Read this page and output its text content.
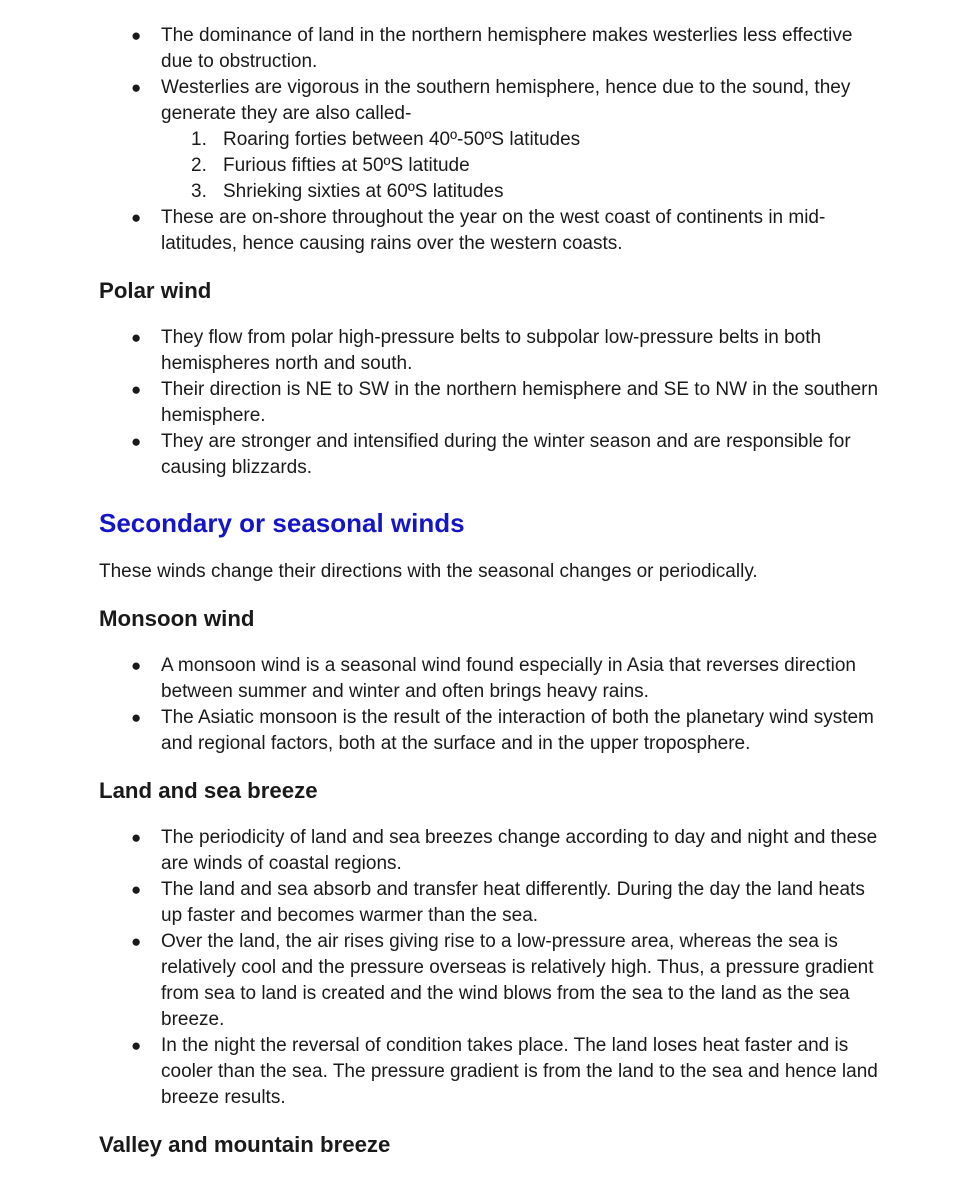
● The dominance of land in the northern hemisphere makes westerlies less effective due to obstruction.
● Westerlies are vigorous in the southern hemisphere, hence due to the sound, they generate they are also called-
1. Roaring forties between 40º-50ºS latitudes
2. Furious fifties at 50ºS latitude
3. Shrieking sixties at 60ºS latitudes
● These are on-shore throughout the year on the west coast of continents in mid-latitudes, hence causing rains over the western coasts.
Polar wind
● They flow from polar high-pressure belts to subpolar low-pressure belts in both hemispheres north and south.
● Their direction is NE to SW in the northern hemisphere and SE to NW in the southern hemisphere.
● They are stronger and intensified during the winter season and are responsible for causing blizzards.
Secondary or seasonal winds

These winds change their directions with the seasonal changes or periodically.

Monsoon wind
● A monsoon wind is a seasonal wind found especially in Asia that reverses direction between summer and winter and often brings heavy rains.
● The Asiatic monsoon is the result of the interaction of both the planetary wind system and regional factors, both at the surface and in the upper troposphere.
Land and sea breeze
● The periodicity of land and sea breezes change according to day and night and these are winds of coastal regions.
● The land and sea absorb and transfer heat differently. During the day the land heats up faster and becomes warmer than the sea.
● Over the land, the air rises giving rise to a low-pressure area, whereas the sea is relatively cool and the pressure overseas is relatively high. Thus, a pressure gradient from sea to land is created and the wind blows from the sea to the land as the sea breeze.
● In the night the reversal of condition takes place. The land loses heat faster and is cooler than the sea. The pressure gradient is from the land to the sea and hence land breeze results.
Valley and mountain breeze
